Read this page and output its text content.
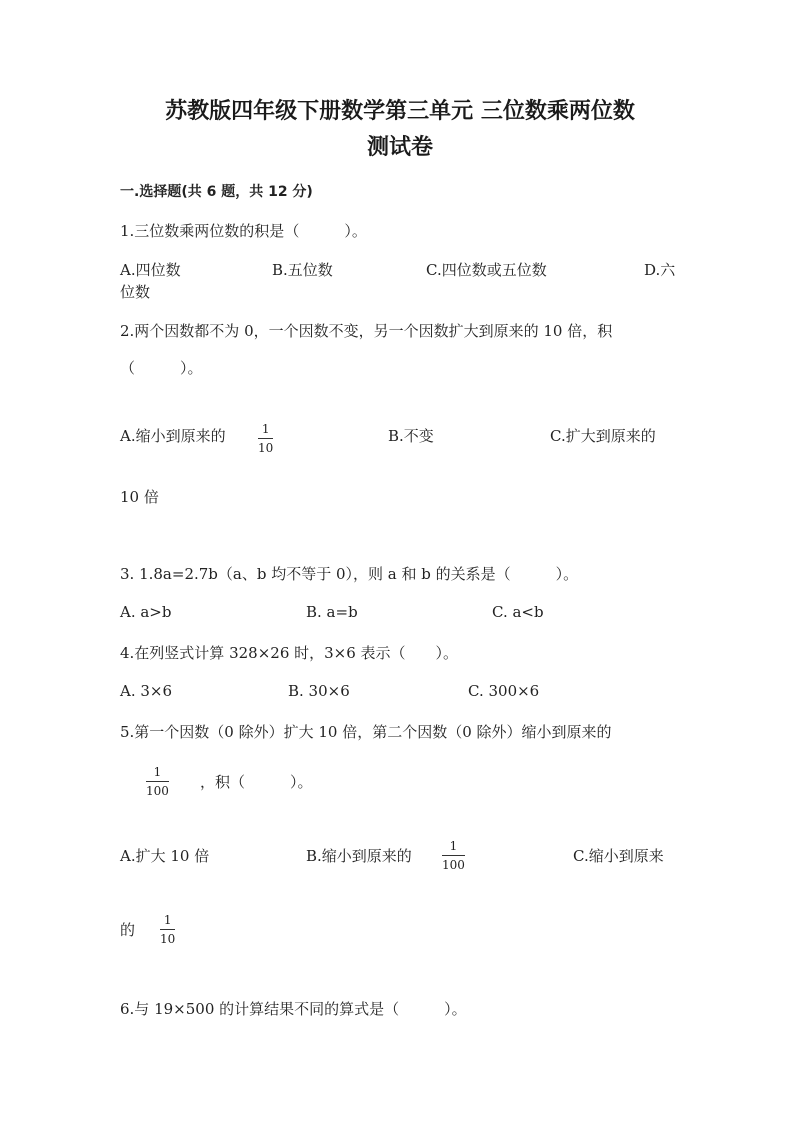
苏教版四年级下册数学第三单元 三位数乘两位数
测试卷
一.选择题(共 6 题，共 12 分)
1.三位数乘两位数的积是（　　　）。
A.四位数	B.五位数	C.四位数或五位数	D.六
位数
2.两个因数都不为 0，一个因数不变，另一个因数扩大到原来的 10 倍，积
（　　　）。
A.缩小到原来的	1
10
B.不变	C.扩大到原来的
10 倍
3. 1.8a=2.7b（a、b 均不等于 0），则 a 和 b 的关系是（　　　）。
A. a>b	B. a=b	C. a<b
4.在列竖式计算 328×26 时，3×6 表示（　　）。
A. 3×6	B. 30×6	C. 300×6
5.第一个因数（0 除外）扩大 10 倍，第二个因数（0 除外）缩小到原来的
1
100 ，积（　　　）。
A.扩大 10 倍	B.缩小到原来的
1
100	C.缩小到原来
的
1
10
6.与 19×500 的计算结果不同的算式是（　　　）。
